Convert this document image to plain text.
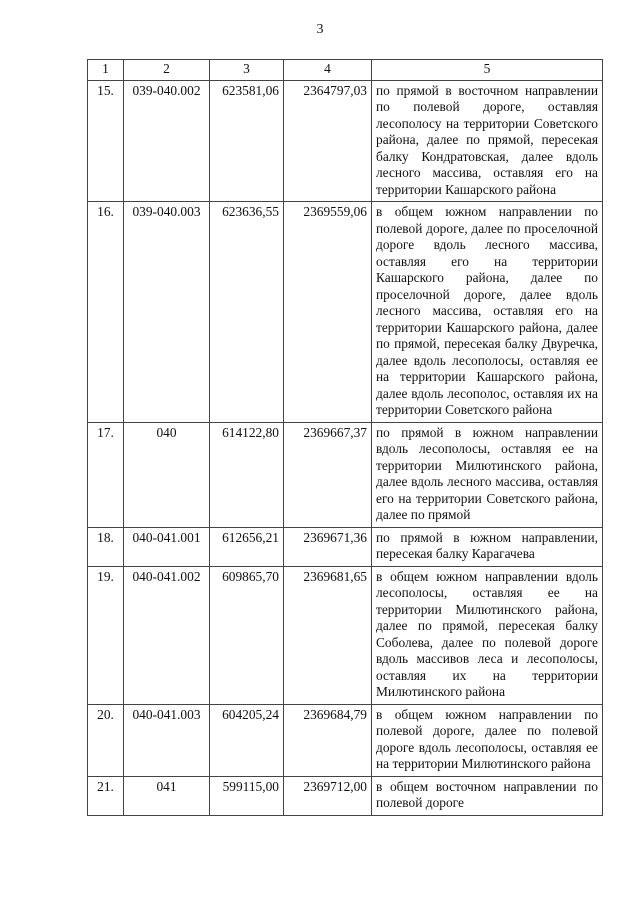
3
1	2	3	4	5
15.	039-040.002	623581,06	2364797,03	по прямой в восточном направлении по полевой дороге, оставляя лесополосу на территории Советского района, далее по прямой, пересекая балку Кондратовская, далее вдоль лесного массива, оставляя его на территории Кашарского района
16.	039-040.003	623636,55	2369559,06	в общем южном направлении по полевой дороге, далее по проселочной дороге вдоль лесного массива, оставляя его на территории Кашарского района, далее по проселочной дороге, далее вдоль лесного массива, оставляя его на территории Кашарского района, далее по прямой, пересекая балку Двуречка, далее вдоль лесополосы, оставляя ее на территории Кашарского района, далее вдоль лесополос, оставляя их на территории Советского района
17.	040	614122,80	2369667,37	по прямой в южном направлении вдоль лесополосы, оставляя ее на территории Милютинского района, далее вдоль лесного массива, оставляя его на территории Советского района, далее по прямой
18.	040-041.001	612656,21	2369671,36	по прямой в южном направлении, пересекая балку Карагачева
19.	040-041.002	609865,70	2369681,65	в общем южном направлении вдоль лесополосы, оставляя ее на территории Милютинского района, далее по прямой, пересекая балку Соболева, далее по полевой дороге вдоль массивов леса и лесополосы, оставляя их на территории Милютинского района
20.	040-041.003	604205,24	2369684,79	в общем южном направлении по полевой дороге, далее по полевой дороге вдоль лесополосы, оставляя ее на территории Милютинского района
21.	041	599115,00	2369712,00	в общем восточном направлении по полевой дороге
